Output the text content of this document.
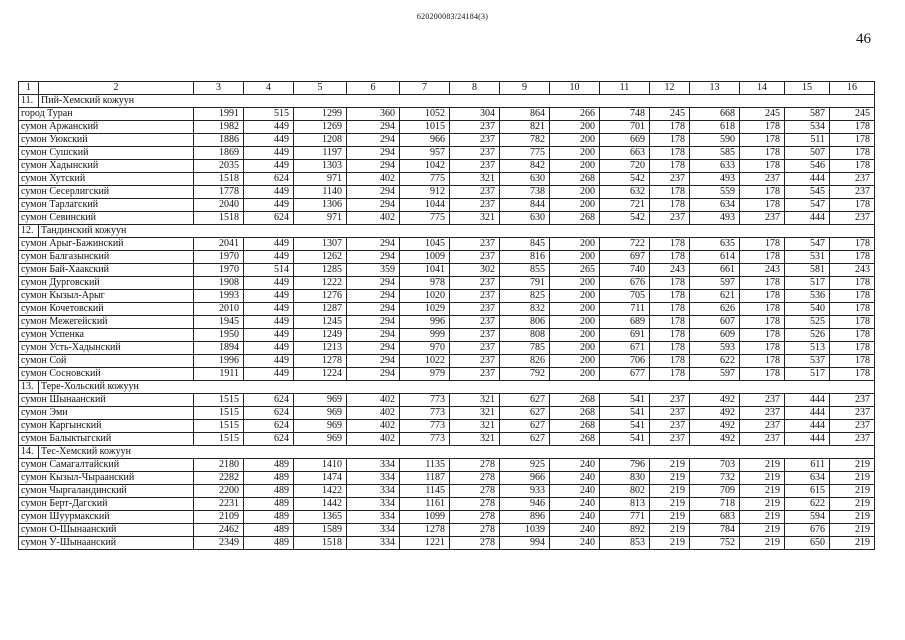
620200083/24184(3)
46
1	2	3	4	5	6	7	8	9	10	11	12	13	14	15	16
11.	Пий-Хемский кожуун														
город Туран		1991	515	1299	360	1052	304	864	266	748	245	668	245	587	245
сумон Аржанский		1982	449	1269	294	1015	237	821	200	701	178	618	178	534	178
сумон Уюкский		1886	449	1208	294	966	237	782	200	669	178	590	178	511	178
сумон Сушский		1869	449	1197	294	957	237	775	200	663	178	585	178	507	178
сумон Хадынский		2035	449	1303	294	1042	237	842	200	720	178	633	178	546	178
сумон Хутский		1518	624	971	402	775	321	630	268	542	237	493	237	444	237
сумон Сесерлигский		1778	449	1140	294	912	237	738	200	632	178	559	178	545	237
сумон Тарлагский		2040	449	1306	294	1044	237	844	200	721	178	634	178	547	178
сумон Севинский		1518	624	971	402	775	321	630	268	542	237	493	237	444	237
12.	Тандинский кожуун														
сумон Арыг-Бажинский		2041	449	1307	294	1045	237	845	200	722	178	635	178	547	178
сумон Балгазынский		1970	449	1262	294	1009	237	816	200	697	178	614	178	531	178
сумон Бай-Хаакский		1970	514	1285	359	1041	302	855	265	740	243	661	243	581	243
сумон Дурговский		1908	449	1222	294	978	237	791	200	676	178	597	178	517	178
сумон Кызыл-Арыг		1993	449	1276	294	1020	237	825	200	705	178	621	178	536	178
сумон Кочетовский		2010	449	1287	294	1029	237	832	200	711	178	626	178	540	178
сумон Межегейский		1945	449	1245	294	996	237	806	200	689	178	607	178	525	178
сумон Успенка		1950	449	1249	294	999	237	808	200	691	178	609	178	526	178
сумон Усть-Хадынский		1894	449	1213	294	970	237	785	200	671	178	593	178	513	178
сумон Сой		1996	449	1278	294	1022	237	826	200	706	178	622	178	537	178
сумон Сосновский		1911	449	1224	294	979	237	792	200	677	178	597	178	517	178
13.	Тере-Хольский кожуун														
сумон Шынаанский		1515	624	969	402	773	321	627	268	541	237	492	237	444	237
сумон Эми		1515	624	969	402	773	321	627	268	541	237	492	237	444	237
сумон Каргынский		1515	624	969	402	773	321	627	268	541	237	492	237	444	237
сумон Балыктыгский		1515	624	969	402	773	321	627	268	541	237	492	237	444	237
14.	Тес-Хемский кожуун														
сумон Самагалтайский		2180	489	1410	334	1135	278	925	240	796	219	703	219	611	219
сумон Кызыл-Чыраанский		2282	489	1474	334	1187	278	966	240	830	219	732	219	634	219
сумон Чыргаландинский		2200	489	1422	334	1145	278	933	240	802	219	709	219	615	219
сумон Берт-Дагский		2231	489	1442	334	1161	278	946	240	813	219	718	219	622	219
сумон Шуурмакский		2109	489	1365	334	1099	278	896	240	771	219	683	219	594	219
сумон О-Шынаанский		2462	489	1589	334	1278	278	1039	240	892	219	784	219	676	219
сумон У-Шынаанский		2349	489	1518	334	1221	278	994	240	853	219	752	219	650	219
